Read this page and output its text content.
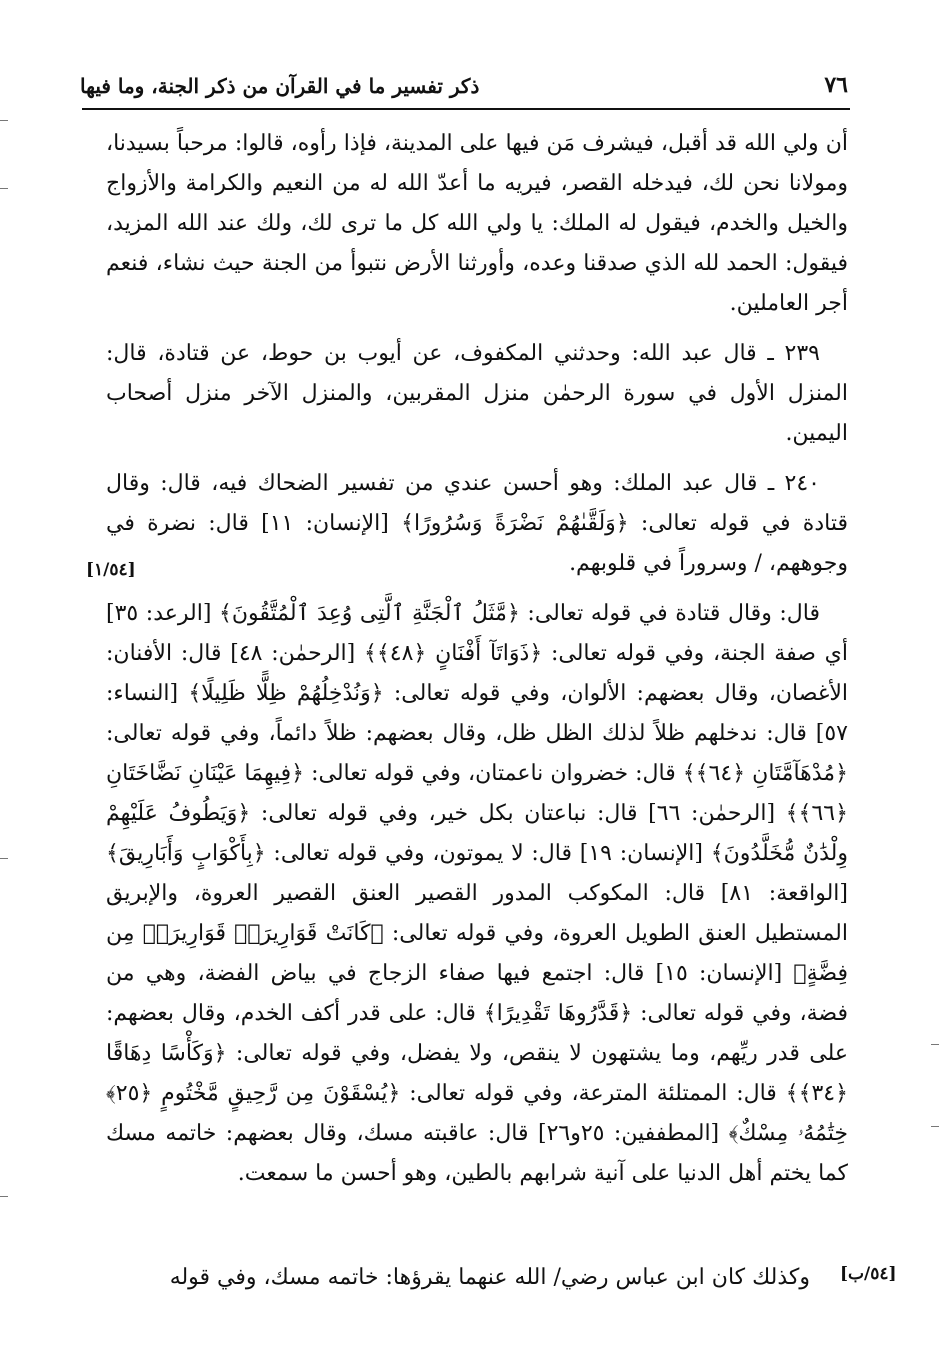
٧٦
ذكر تفسير ما في القرآن من ذكر الجنة، وما فيها

أن ولي الله قد أقبل، فيشرف مَن فيها على المدينة، فإذا رأوه، قالوا: مرحباً بسيدنا، ومولانا نحن لك، فيدخله القصر، فيريه ما أعدّ الله له من النعيم والكرامة والأزواج والخيل والخدم، فيقول له الملك: يا ولي الله كل ما ترى لك، ولك عند الله المزيد، فيقول: الحمد لله الذي صدقنا وعده، وأورثنا الأرض نتبوأ من الجنة حيث نشاء، فنعم أجر العاملين.

٢٣٩ ـ قال عبد الله: وحدثني المكفوف، عن أيوب بن حوط، عن قتادة، قال: المنزل الأول في سورة الرحمٰن منزل المقربين، والمنزل الآخر منزل أصحاب اليمين.

٢٤٠ ـ قال عبد الملك: وهو أحسن عندي من تفسير الضحاك فيه، قال: وقال قتادة في قوله تعالى: ﴿وَلَقَّىٰهُمْ نَضْرَةً وَسُرُورًا﴾ [الإنسان: ١١] قال: نضرة في وجوههم، / وسروراً في قلوبهم.

قال: وقال قتادة في قوله تعالى: ﴿مَّثَلُ ٱلْجَنَّةِ ٱلَّتِى وُعِدَ ٱلْمُتَّقُونَ﴾ [الرعد: ٣٥] أي صفة الجنة، وفي قوله تعالى: ﴿ذَوَاتَآ أَفْنَانٍ ﴿٤٨﴾﴾ [الرحمٰن: ٤٨] قال: الأفنان: الأغصان، وقال بعضهم: الألوان، وفي قوله تعالى: ﴿وَنُدْخِلُهُمْ ظِلًّا ظَلِيلًا﴾ [النساء: ٥٧] قال: ندخلهم ظلاً لذلك الظل ظل، وقال بعضهم: ظلاً دائماً، وفي قوله تعالى: ﴿مُدْهَآمَّتَانِ ﴿٦٤﴾﴾ قال: خضروان ناعمتان، وفي قوله تعالى: ﴿فِيهِمَا عَيْنَانِ نَضَّاخَتَانِ ﴿٦٦﴾﴾ [الرحمٰن: ٦٦] قال: نباعتان بكل خير، وفي قوله تعالى: ﴿وَيَطُوفُ عَلَيْهِمْ وِلْدَٰنٌ مُّخَلَّدُونَ﴾ [الإنسان: ١٩] قال: لا يموتون، وفي قوله تعالى: ﴿بِأَكْوَابٍ وَأَبَارِيقَ﴾ [الواقعة: ٨١] قال: المكوكب المدور القصير العنق القصير العروة، والإبريق المستطيل العنق الطويل العروة، وفي قوله تعالى: ﴿كَانَتْ قَوَارِيرَا۠ قَوَارِيرَا۟ مِن فِضَّةٍ﴾ [الإنسان: ١٥] قال: اجتمع فيها صفاء الزجاج في بياض الفضة، وهي من فضة، وفي قوله تعالى: ﴿قَدَّرُوهَا تَقْدِيرًا﴾ قال: على قدر أكف الخدم، وقال بعضهم: على قدر ريِّهم، وما يشتهون لا ينقص، ولا يفضل، وفي قوله تعالى: ﴿وَكَأْسًا دِهَاقًا ﴿٣٤﴾﴾ قال: الممتلئة المترعة، وفي قوله تعالى: ﴿يُسْقَوْنَ مِن رَّحِيقٍ مَّخْتُومٍ ﴿٢٥﴾ خِتَٰمُهُۥ مِسْكٌ﴾ [المطففين: ٢٥و٢٦] قال: عاقبته مسك، وقال بعضهم: خاتمه مسك كما يختم أهل الدنيا على آنية شرابهم بالطين، وهو أحسن ما سمعت.

[١/٥٤]
وكذلك كان ابن عباس رضي/ الله عنهما يقرؤها: خاتمه مسك، وفي قوله [٥٤/ب]
